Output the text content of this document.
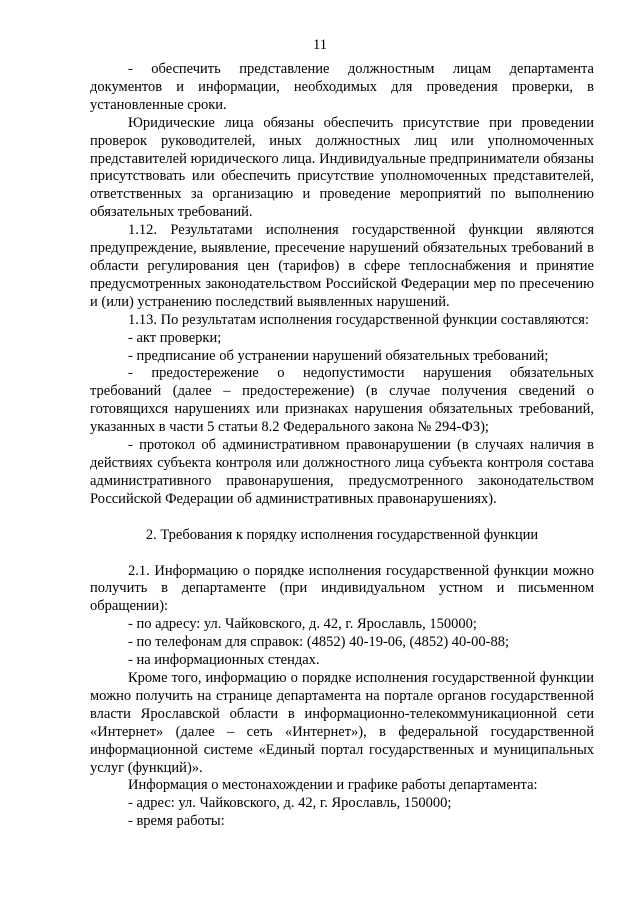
11

- обеспечить представление должностным лицам департамента документов и информации, необходимых для проведения проверки, в установленные сроки.

Юридические лица обязаны обеспечить присутствие при проведении проверок руководителей, иных должностных лиц или уполномоченных представителей юридического лица. Индивидуальные предприниматели обязаны присутствовать или обеспечить присутствие уполномоченных представителей, ответственных за организацию и проведение мероприятий по выполнению обязательных требований.

1.12. Результатами исполнения государственной функции являются предупреждение, выявление, пресечение нарушений обязательных требований в области регулирования цен (тарифов) в сфере теплоснабжения и принятие предусмотренных законодательством Российской Федерации мер по пресечению и (или) устранению последствий выявленных нарушений.

1.13. По результатам исполнения государственной функции составляются:

- акт проверки;

- предписание об устранении нарушений обязательных требований;

- предостережение о недопустимости нарушения обязательных требований (далее – предостережение) (в случае получения сведений о готовящихся нарушениях или признаках нарушения обязательных требований, указанных в части 5 статьи 8.2 Федерального закона № 294-ФЗ);

- протокол об административном правонарушении (в случаях наличия в действиях субъекта контроля или должностного лица субъекта контроля состава административного правонарушения, предусмотренного законодательством Российской Федерации об административных правонарушениях).

2. Требования к порядку исполнения государственной функции

2.1. Информацию о порядке исполнения государственной функции можно получить в департаменте (при индивидуальном устном и письменном обращении):

- по адресу: ул. Чайковского, д. 42, г. Ярославль, 150000;

- по телефонам для справок: (4852) 40-19-06, (4852) 40-00-88;

- на информационных стендах.

Кроме того, информацию о порядке исполнения государственной функции можно получить на странице департамента на портале органов государственной власти Ярославской области в информационно-телекоммуникационной сети «Интернет» (далее – сеть «Интернет»), в федеральной государственной информационной системе «Единый портал государственных и муниципальных услуг (функций)».

Информация о местонахождении и графике работы департамента:

- адрес: ул. Чайковского, д. 42, г. Ярославль, 150000;

- время работы:
